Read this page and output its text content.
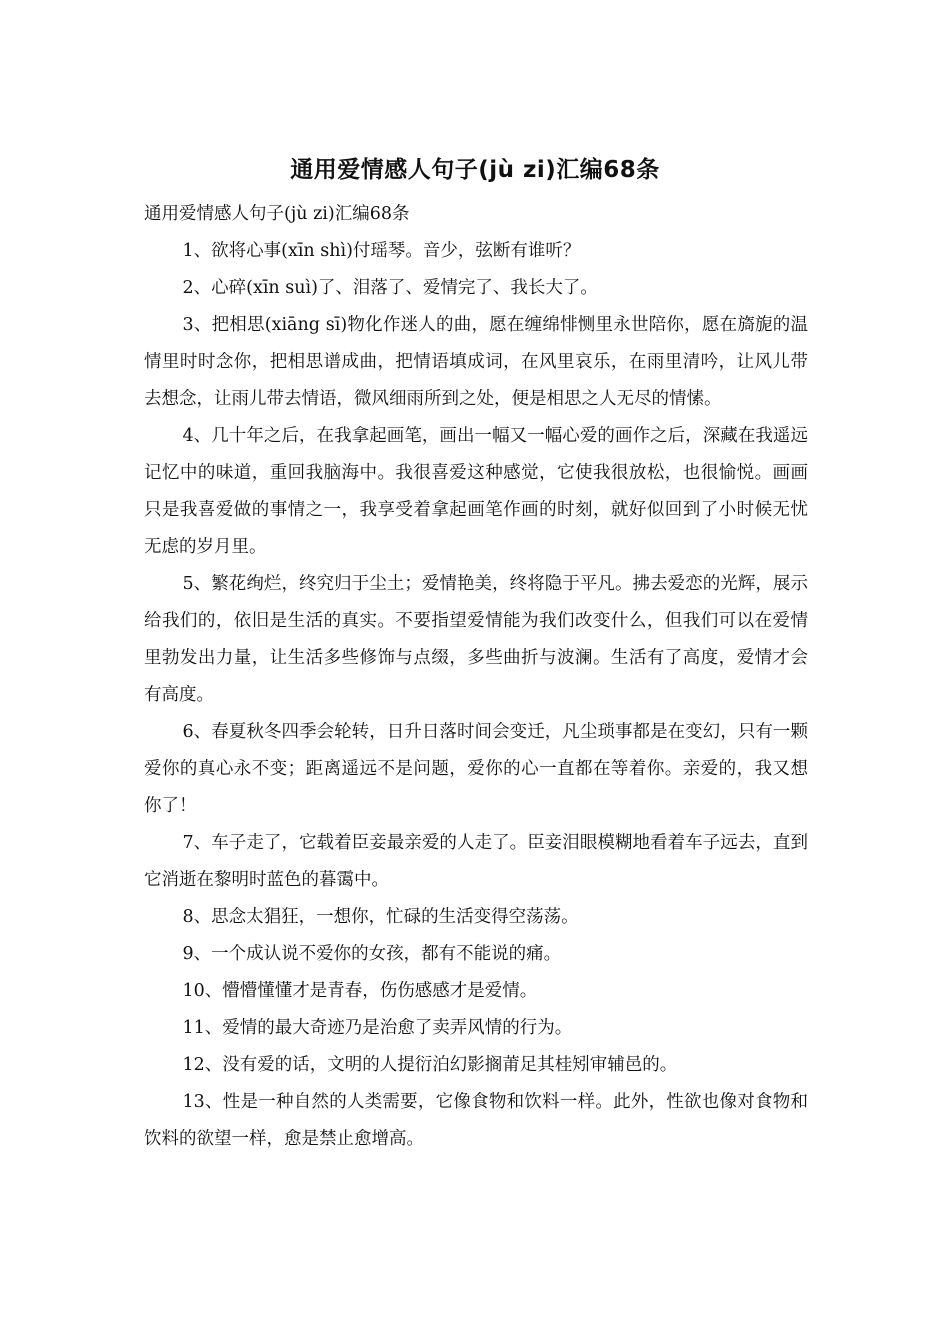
通用爱情感人句子(jù zi)汇编68条

通用爱情感人句子(jù zi)汇编68条

1、欲将心事(xīn shì)付瑶琴。音少，弦断有谁听？

2、心碎(xīn suì)了、泪落了、爱情完了、我长大了。

3、把相思(xiāng sī)物化作迷人的曲，愿在缠绵悱恻里永世陪你，愿在旖旎的温情里时时念你，把相思谱成曲，把情语填成词，在风里哀乐，在雨里清吟，让风儿带去想念，让雨儿带去情语，微风细雨所到之处，便是相思之人无尽的情愫。

4、几十年之后，在我拿起画笔，画出一幅又一幅心爱的画作之后，深藏在我遥远记忆中的味道，重回我脑海中。我很喜爱这种感觉，它使我很放松，也很愉悦。画画只是我喜爱做的事情之一，我享受着拿起画笔作画的时刻，就好似回到了小时候无忧无虑的岁月里。

5、繁花绚烂，终究归于尘土；爱情艳美，终将隐于平凡。拂去爱恋的光辉，展示给我们的，依旧是生活的真实。不要指望爱情能为我们改变什么，但我们可以在爱情里勃发出力量，让生活多些修饰与点缀，多些曲折与波澜。生活有了高度，爱情才会有高度。

6、春夏秋冬四季会轮转，日升日落时间会变迁，凡尘琐事都是在变幻，只有一颗爱你的真心永不变；距离遥远不是问题，爱你的心一直都在等着你。亲爱的，我又想你了！

7、车子走了，它载着臣妾最亲爱的人走了。臣妾泪眼模糊地看着车子远去，直到它消逝在黎明时蓝色的暮霭中。

8、思念太猖狂，一想你，忙碌的生活变得空荡荡。

9、一个成认说不爱你的女孩，都有不能说的痛。

10、懵懵懂懂才是青春，伤伤感感才是爱情。

11、爱情的最大奇迹乃是治愈了卖弄风情的行为。

12、没有爱的话，文明的人提衍泊幻影搁莆足其桂矧审辅邑的。

13、性是一种自然的人类需要，它像食物和饮料一样。此外，性欲也像对食物和饮料的欲望一样，愈是禁止愈增高。
